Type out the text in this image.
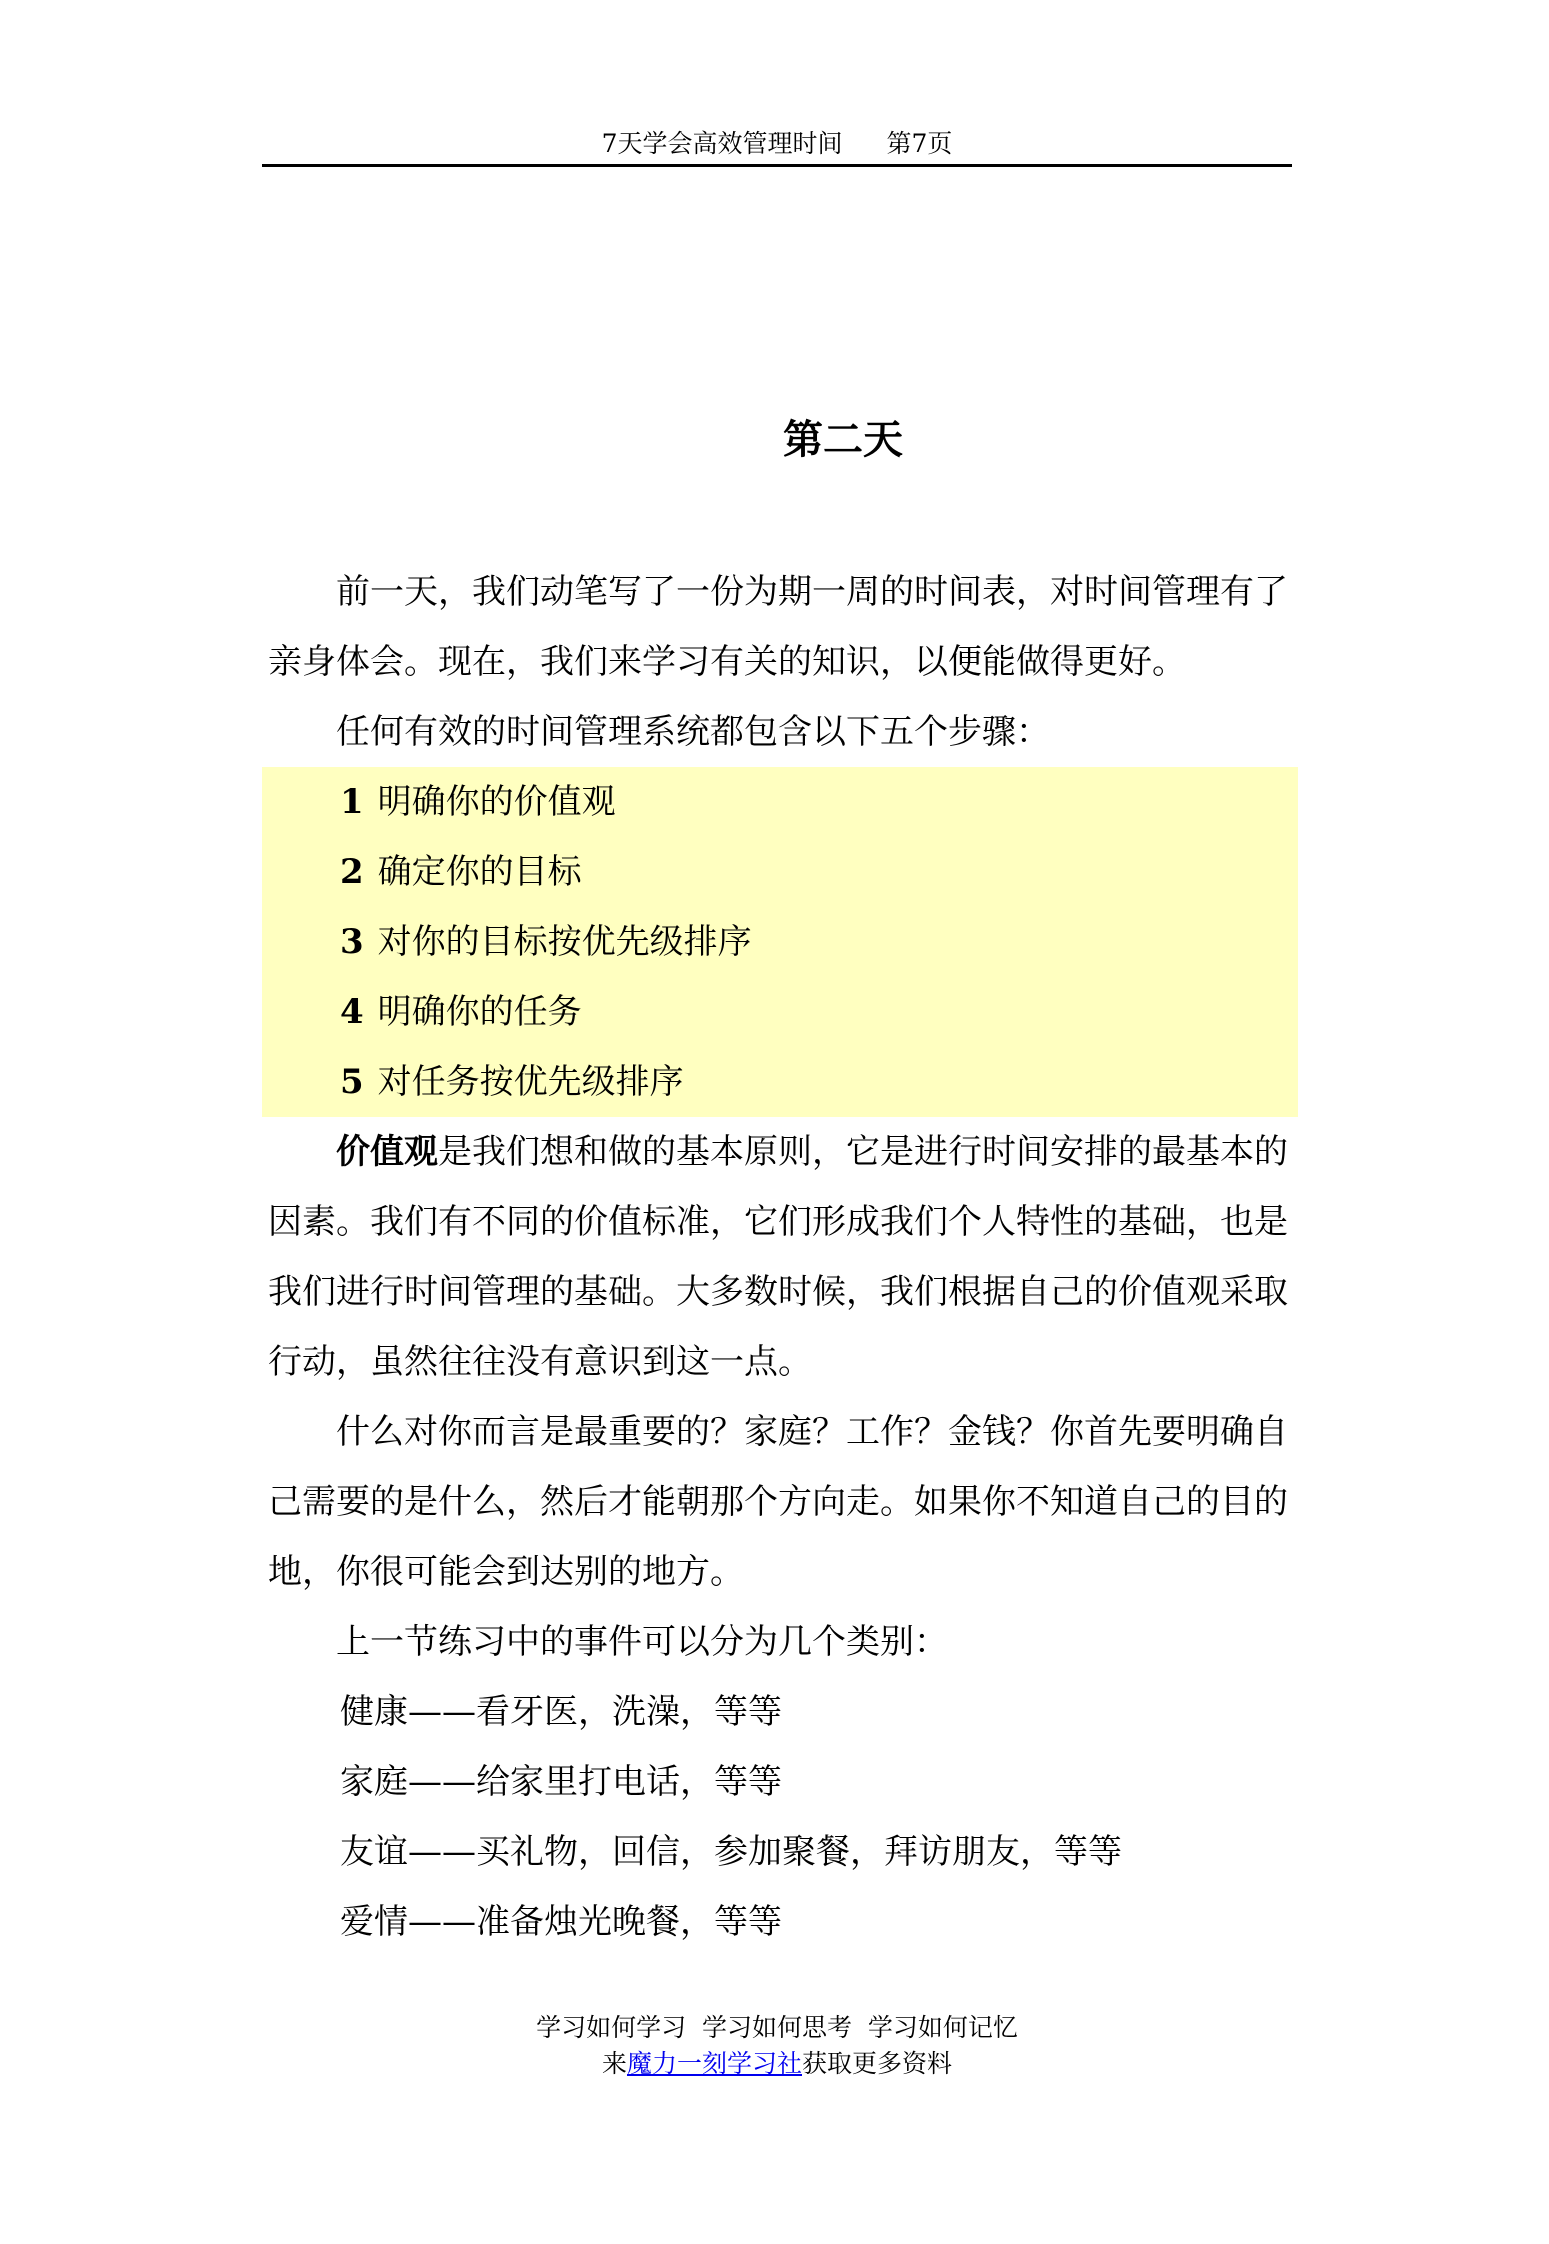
7天学会高效管理时间 第7页
第二天

前一天，我们动笔写了一份为期一周的时间表，对时间管理有了亲身体会。现在，我们来学习有关的知识，以便能做得更好。

任何有效的时间管理系统都包含以下五个步骤：

1 明确你的价值观
2 确定你的目标
3 对你的目标按优先级排序
4 明确你的任务
5 对任务按优先级排序

价值观是我们想和做的基本原则，它是进行时间安排的最基本的因素。我们有不同的价值标准，它们形成我们个人特性的基础，也是我们进行时间管理的基础。大多数时候，我们根据自己的价值观采取行动，虽然往往没有意识到这一点。

什么对你而言是最重要的？家庭？工作？金钱？你首先要明确自己需要的是什么，然后才能朝那个方向走。如果你不知道自己的目的地，你很可能会到达别的地方。

上一节练习中的事件可以分为几个类别：

健康——看牙医，洗澡，等等

家庭——给家里打电话，等等

友谊——买礼物，回信，参加聚餐，拜访朋友，等等

爱情——准备烛光晚餐，等等

学习如何学习  学习如何思考  学习如何记忆
来魔力一刻学习社获取更多资料
